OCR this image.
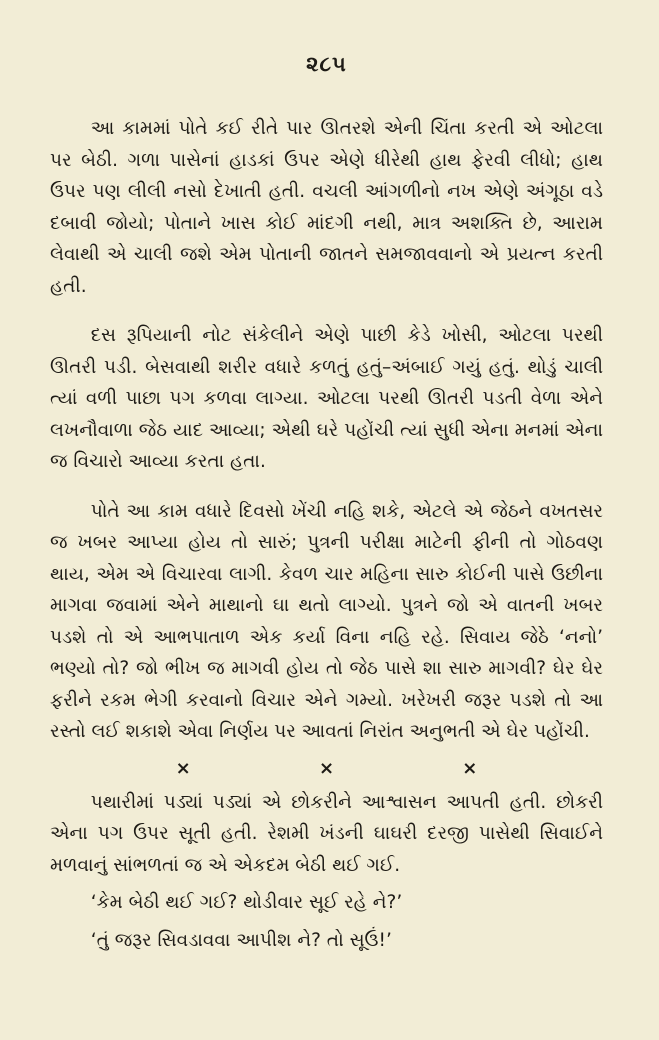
૨૮૫

આ કામમાં પોતે કઈ રીતે પાર ઊતરશે એની ચિંતા કરતી એ ઓટલા પર બેઠી. ગળા પાસેનાં હાડકાં ઉપર એણે ધીરેથી હાથ ફેરવી લીધો; હાથ ઉપર પણ લીલી નસો દેખાતી હતી. વચલી આંગળીનો નખ એણે અંગૂઠા વડે દબાવી જોયો; પોતાને ખાસ કોઈ માંદગી નથી, માત્ર અશક્તિ છે, આરામ લેવાથી એ ચાલી જશે એમ પોતાની જાતને સમજાવવાનો એ પ્રયત્ન કરતી હતી.

દસ રૂપિયાની નોટ સંકેલીને એણે પાછી કેડે ખોસી, ઓટલા પરથી ઊતરી પડી. બેસવાથી શરીર વધારે કળતું હતું–અંબાઈ ગયું હતું. થોડું ચાલી ત્યાં વળી પાછા પગ કળવા લાગ્યા. ઓટલા પરથી ઊતરી પડતી વેળા એને લખનૌવાળા જેઠ યાદ આવ્યા; એથી ઘરે પહોંચી ત્યાં સુધી એના મનમાં એના જ વિચારો આવ્યા કરતા હતા.

પોતે આ કામ વધારે દિવસો ખેંચી નહિ શકે, એટલે એ જેઠને વખતસર જ ખબર આપ્યા હોય તો સારું; પુત્રની પરીક્ષા માટેની ફીની તો ગોઠવણ થાય, એમ એ વિચારવા લાગી. કેવળ ચાર મહિના સારુ કોઈની પાસે ઉછીના માગવા જવામાં એને માથાનો ઘા થતો લાગ્યો. પુત્રને જો એ વાતની ખબર પડશે તો એ આભપાતાળ એક કર્યા વિના નહિ રહે. સિવાય જેઠે ‘નનો’ ભણ્યો તો? જો ભીખ જ માગવી હોય તો જેઠ પાસે શા સારુ માગવી? ઘેર ઘેર ફરીને રકમ ભેગી કરવાનો વિચાર એને ગમ્યો. ખરેખરી જરૂર પડશે તો આ રસ્તો લઈ શકાશે એવા નિર્ણય પર આવતાં નિરાંત અનુભતી એ ઘેર પહોંચી.

×	×	×

પથારીમાં પડ્યાં પડ્યાં એ છોકરીને આશ્વાસન આપતી હતી. છોકરી એના પગ ઉપર સૂતી હતી. રેશમી ખંડની ઘાઘરી દરજી પાસેથી સિવાઈને મળવાનું સાંભળતાં જ એ એકદમ બેઠી થઈ ગઈ.

‘કેમ બેઠી થઈ ગઈ? થોડીવાર સૂઈ રહે ને?’

‘તું જરૂર સિવડાવવા આપીશ ને? તો સૂઉં!’
